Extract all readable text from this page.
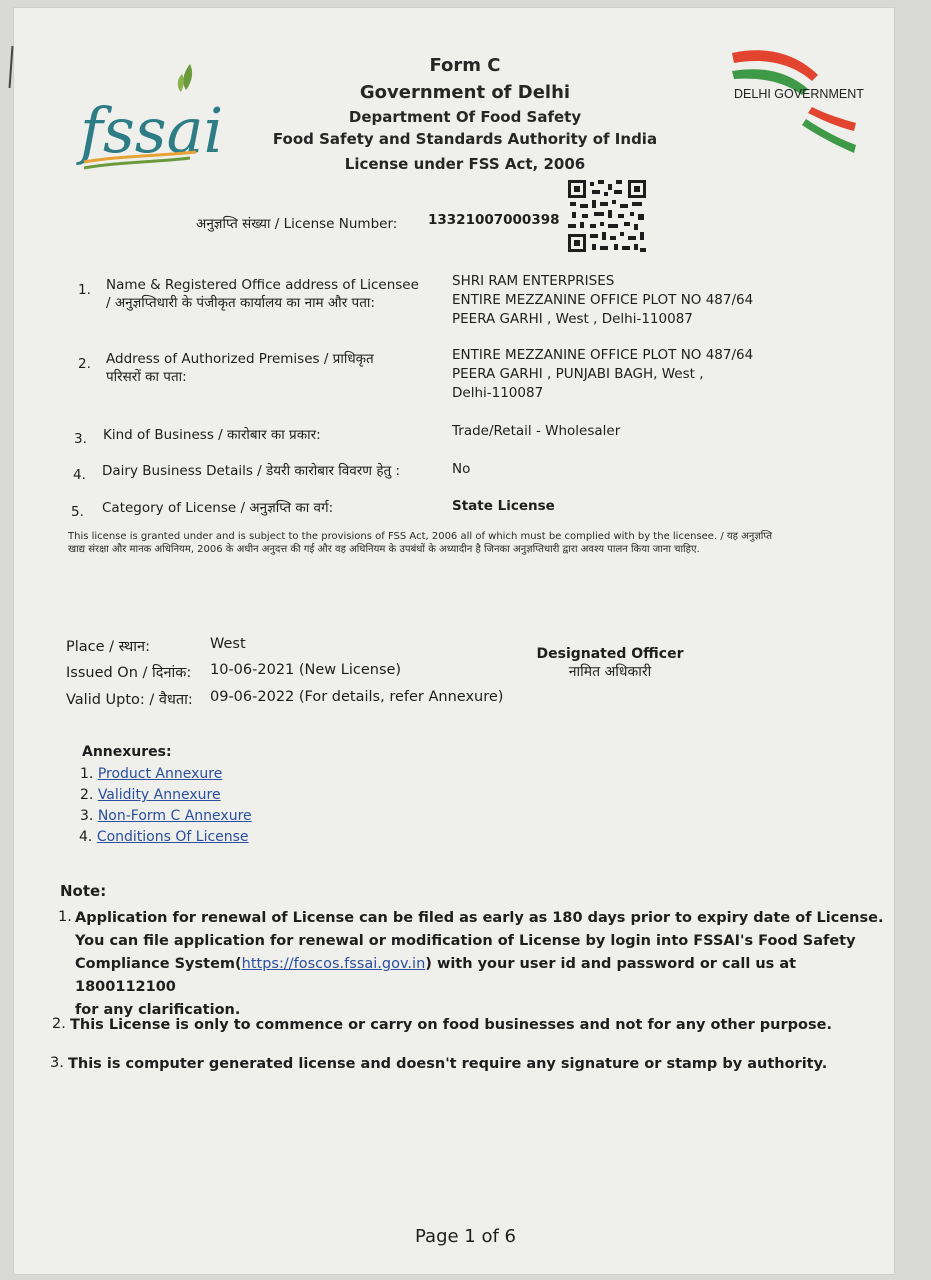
fssai	DELHI GOVERNMENT
Form C
Government of Delhi
Department Of Food Safety
Food Safety and Standards Authority of India
License under FSS Act, 2006
अनुज्ञप्ति संख्या / License Number: 13321007000398
1. Name & Registered Office address of Licensee / अनुज्ञप्तिधारी के पंजीकृत कार्यालय का नाम और पता:
SHRI RAM ENTERPRISES
ENTIRE MEZZANINE OFFICE PLOT NO 487/64
PEERA GARHI , West , Delhi-110087
2. Address of Authorized Premises / प्राधिकृत परिसरों का पता:
ENTIRE MEZZANINE OFFICE PLOT NO 487/64
PEERA GARHI , PUNJABI BAGH, West ,
Delhi-110087
3. Kind of Business / कारोबार का प्रकार:	Trade/Retail - Wholesaler
4. Dairy Business Details / डेयरी कारोबार विवरण हेतु :	No
5. Category of License / अनुज्ञप्ति का वर्ग:	State License
This license is granted under and is subject to the provisions of FSS Act, 2006 all of which must be complied with by the licensee. / यह अनुज्ञप्ति खाद्य संरक्षा और मानक अधिनियम, 2006 के अधीन अनुदत्त की गई और वह अधिनियम के उपबंधों के अध्यादीन है जिनका अनुज्ञप्तिधारी द्वारा अवश्य पालन किया जाना चाहिए.
Place / स्थान:	West
Issued On / दिनांक: 10-06-2021 (New License)
Valid Upto: / वैधता: 09-06-2022 (For details, refer Annexure)
Designated Officer
नामित अधिकारी
Annexures:
1. Product Annexure
2. Validity Annexure
3. Non-Form C Annexure
4. Conditions Of License
Note:
1. Application for renewal of License can be filed as early as 180 days prior to expiry date of License.
You can file application for renewal or modification of License by login into FSSAI's Food Safety
Compliance System(https://foscos.fssai.gov.in) with your user id and password or call us at 1800112100
for any clarification.
2. This License is only to commence or carry on food businesses and not for any other purpose.
3. This is computer generated license and doesn't require any signature or stamp by authority.
Page 1 of 6
